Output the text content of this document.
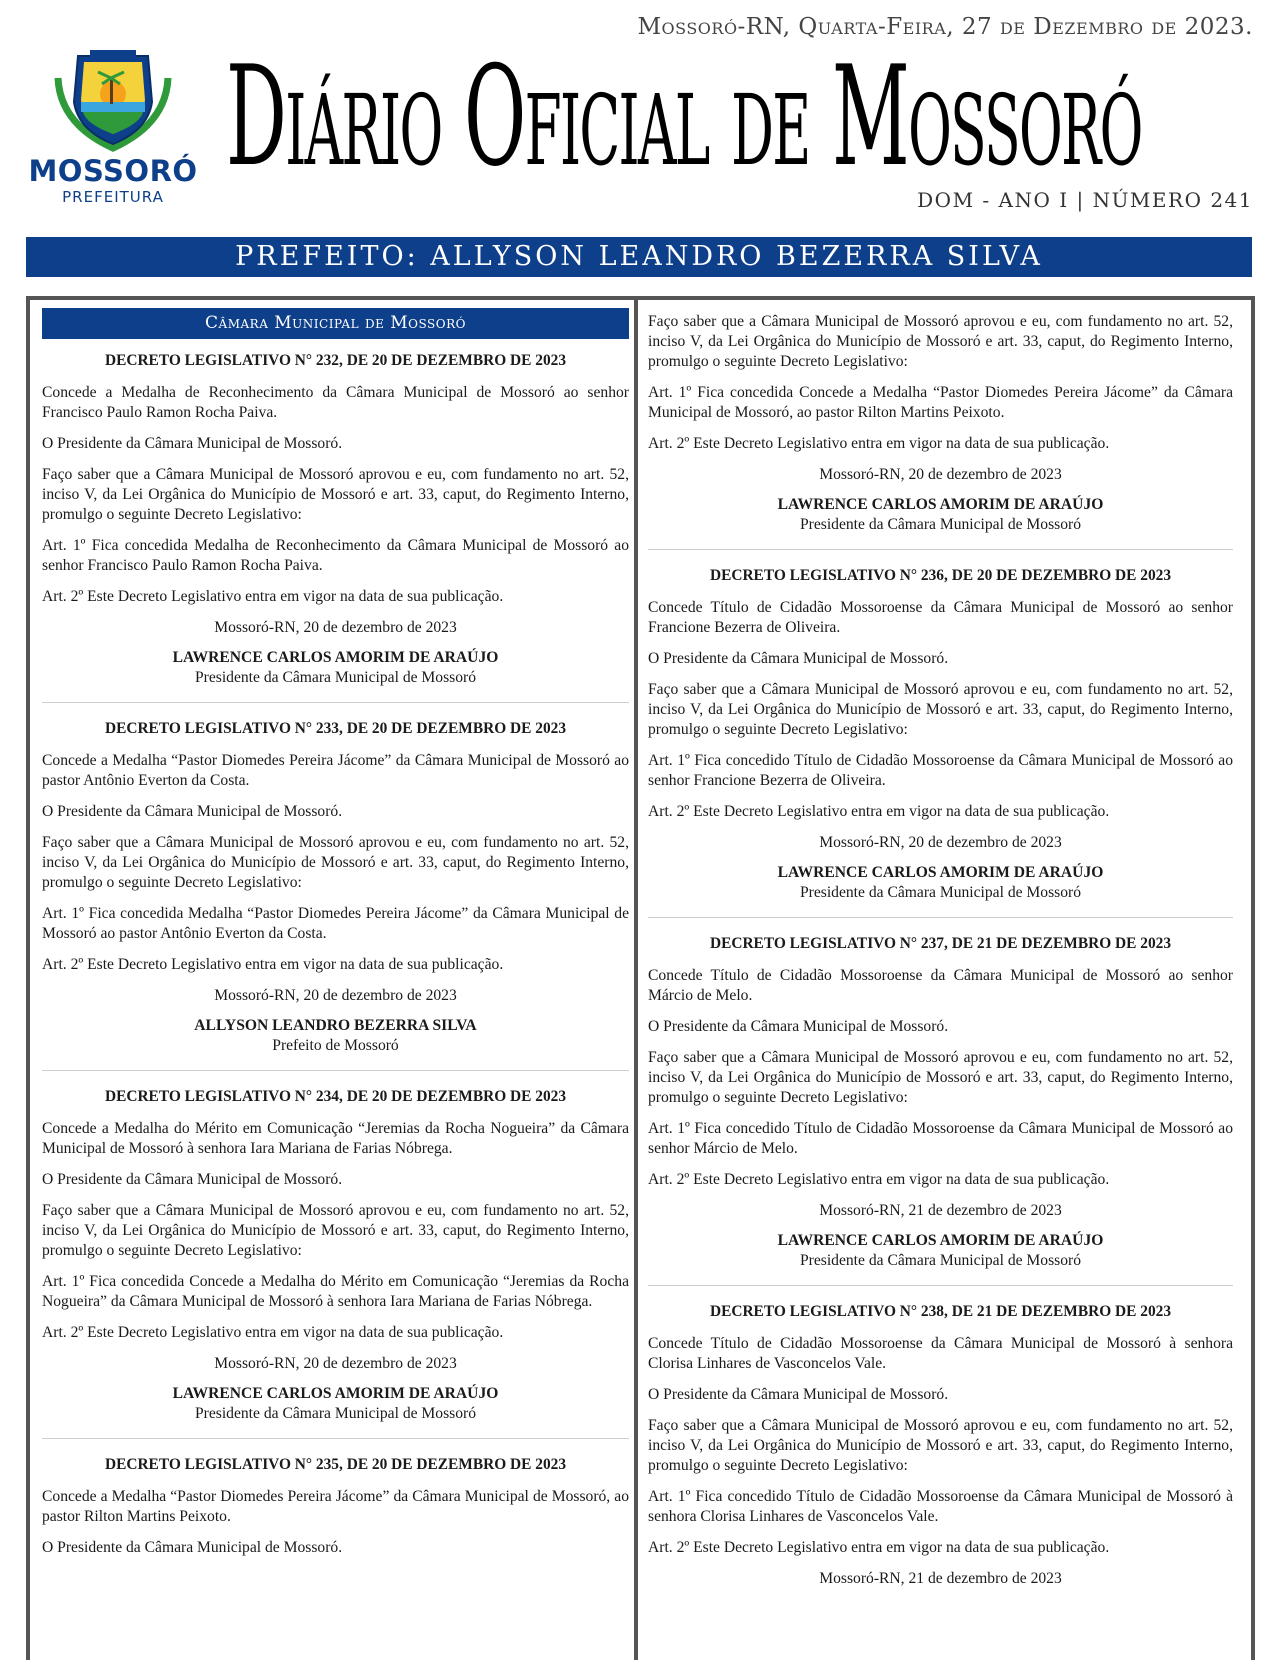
Mossoró-RN, Quarta-Feira, 27 de Dezembro de 2023.
MOSSORÓ
PREFEITURA Diário Oficial de Mossoró
DOM - ANO I | NÚMERO 241
PREFEITO: ALLYSON LEANDRO BEZERRA SILVA
Câmara Municipal de Mossoró

DECRETO LEGISLATIVO N° 232, DE 20 DE DEZEMBRO DE 2023

Concede a Medalha de Reconhecimento da Câmara Municipal de Mossoró ao senhor Francisco Paulo Ramon Rocha Paiva.

O Presidente da Câmara Municipal de Mossoró.

Faço saber que a Câmara Municipal de Mossoró aprovou e eu, com fundamento no art. 52, inciso V, da Lei Orgânica do Município de Mossoró e art. 33, caput, do Regimento Interno, promulgo o seguinte Decreto Legislativo:

Art. 1º Fica concedida Medalha de Reconhecimento da Câmara Municipal de Mossoró ao senhor Francisco Paulo Ramon Rocha Paiva.

Art. 2º Este Decreto Legislativo entra em vigor na data de sua publicação.

Mossoró-RN, 20 de dezembro de 2023

LAWRENCE CARLOS AMORIM DE ARAÚJO
Presidente da Câmara Municipal de Mossoró

DECRETO LEGISLATIVO N° 233, DE 20 DE DEZEMBRO DE 2023

Concede a Medalha “Pastor Diomedes Pereira Jácome” da Câmara Municipal de Mossoró ao pastor Antônio Everton da Costa.

O Presidente da Câmara Municipal de Mossoró.

Faço saber que a Câmara Municipal de Mossoró aprovou e eu, com fundamento no art. 52, inciso V, da Lei Orgânica do Município de Mossoró e art. 33, caput, do Regimento Interno, promulgo o seguinte Decreto Legislativo:

Art. 1º Fica concedida Medalha “Pastor Diomedes Pereira Jácome” da Câmara Municipal de Mossoró ao pastor Antônio Everton da Costa.

Art. 2º Este Decreto Legislativo entra em vigor na data de sua publicação.

Mossoró-RN, 20 de dezembro de 2023

ALLYSON LEANDRO BEZERRA SILVA
Prefeito de Mossoró

DECRETO LEGISLATIVO N° 234, DE 20 DE DEZEMBRO DE 2023

Concede a Medalha do Mérito em Comunicação “Jeremias da Rocha Nogueira” da Câmara Municipal de Mossoró à senhora Iara Mariana de Farias Nóbrega.

O Presidente da Câmara Municipal de Mossoró.

Faço saber que a Câmara Municipal de Mossoró aprovou e eu, com fundamento no art. 52, inciso V, da Lei Orgânica do Município de Mossoró e art. 33, caput, do Regimento Interno, promulgo o seguinte Decreto Legislativo:

Art. 1º Fica concedida Concede a Medalha do Mérito em Comunicação “Jeremias da Rocha Nogueira” da Câmara Municipal de Mossoró à senhora Iara Mariana de Farias Nóbrega.

Art. 2º Este Decreto Legislativo entra em vigor na data de sua publicação.

Mossoró-RN, 20 de dezembro de 2023

LAWRENCE CARLOS AMORIM DE ARAÚJO
Presidente da Câmara Municipal de Mossoró

DECRETO LEGISLATIVO N° 235, DE 20 DE DEZEMBRO DE 2023

Concede a Medalha “Pastor Diomedes Pereira Jácome” da Câmara Municipal de Mossoró, ao pastor Rilton Martins Peixoto.

O Presidente da Câmara Municipal de Mossoró.

Faço saber que a Câmara Municipal de Mossoró aprovou e eu, com fundamento no art. 52, inciso V, da Lei Orgânica do Município de Mossoró e art. 33, caput, do Regimento Interno, promulgo o seguinte Decreto Legislativo:

Art. 1º Fica concedida Concede a Medalha “Pastor Diomedes Pereira Jácome” da Câmara Municipal de Mossoró, ao pastor Rilton Martins Peixoto.

Art. 2º Este Decreto Legislativo entra em vigor na data de sua publicação.

Mossoró-RN, 20 de dezembro de 2023

LAWRENCE CARLOS AMORIM DE ARAÚJO
Presidente da Câmara Municipal de Mossoró

DECRETO LEGISLATIVO N° 236, DE 20 DE DEZEMBRO DE 2023

Concede Título de Cidadão Mossoroense da Câmara Municipal de Mossoró ao senhor Francione Bezerra de Oliveira.

O Presidente da Câmara Municipal de Mossoró.

Faço saber que a Câmara Municipal de Mossoró aprovou e eu, com fundamento no art. 52, inciso V, da Lei Orgânica do Município de Mossoró e art. 33, caput, do Regimento Interno, promulgo o seguinte Decreto Legislativo:

Art. 1º Fica concedido Título de Cidadão Mossoroense da Câmara Municipal de Mossoró ao senhor Francione Bezerra de Oliveira.

Art. 2º Este Decreto Legislativo entra em vigor na data de sua publicação.

Mossoró-RN, 20 de dezembro de 2023

LAWRENCE CARLOS AMORIM DE ARAÚJO
Presidente da Câmara Municipal de Mossoró

DECRETO LEGISLATIVO N° 237, DE 21 DE DEZEMBRO DE 2023

Concede Título de Cidadão Mossoroense da Câmara Municipal de Mossoró ao senhor Márcio de Melo.

O Presidente da Câmara Municipal de Mossoró.

Faço saber que a Câmara Municipal de Mossoró aprovou e eu, com fundamento no art. 52, inciso V, da Lei Orgânica do Município de Mossoró e art. 33, caput, do Regimento Interno, promulgo o seguinte Decreto Legislativo:

Art. 1º Fica concedido Título de Cidadão Mossoroense da Câmara Municipal de Mossoró ao senhor Márcio de Melo.

Art. 2º Este Decreto Legislativo entra em vigor na data de sua publicação.

Mossoró-RN, 21 de dezembro de 2023

LAWRENCE CARLOS AMORIM DE ARAÚJO
Presidente da Câmara Municipal de Mossoró

DECRETO LEGISLATIVO N° 238, DE 21 DE DEZEMBRO DE 2023

Concede Título de Cidadão Mossoroense da Câmara Municipal de Mossoró à senhora Clorisa Linhares de Vasconcelos Vale.

O Presidente da Câmara Municipal de Mossoró.

Faço saber que a Câmara Municipal de Mossoró aprovou e eu, com fundamento no art. 52, inciso V, da Lei Orgânica do Município de Mossoró e art. 33, caput, do Regimento Interno, promulgo o seguinte Decreto Legislativo:

Art. 1º Fica concedido Título de Cidadão Mossoroense da Câmara Municipal de Mossoró à senhora Clorisa Linhares de Vasconcelos Vale.

Art. 2º Este Decreto Legislativo entra em vigor na data de sua publicação.

Mossoró-RN, 21 de dezembro de 2023
